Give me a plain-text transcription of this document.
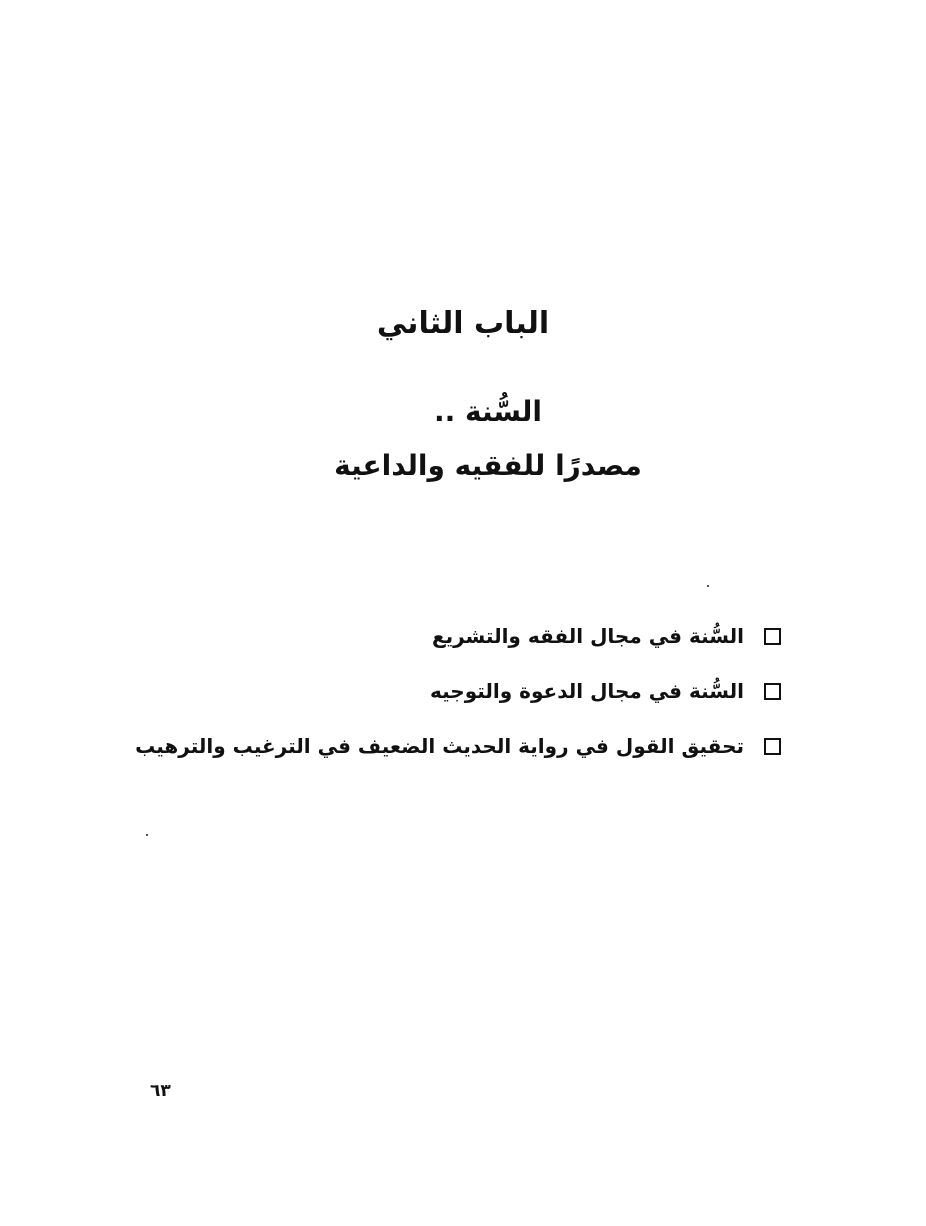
الباب الثاني
السُّنة ..
مصدرًا للفقيه والداعية
السُّنة في مجال الفقه والتشريع
السُّنة في مجال الدعوة والتوجيه
تحقيق القول في رواية الحديث الضعيف في الترغيب والترهيب
٦٣
